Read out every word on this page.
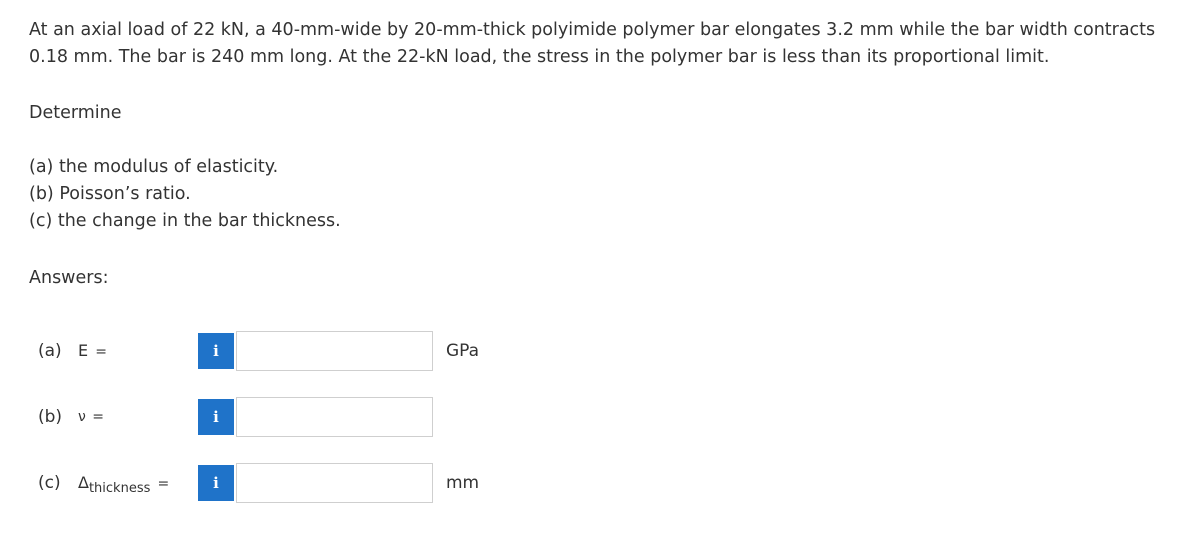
At an axial load of 22 kN, a 40-mm-wide by 20-mm-thick polyimide polymer bar elongates 3.2 mm while the bar width contracts 0.18 mm. The bar is 240 mm long. At the 22-kN load, the stress in the polymer bar is less than its proportional limit.

Determine

(a) the modulus of elasticity.
(b) Poisson’s ratio.
(c) the change in the bar thickness.

Answers:

(a) E =	i	GPa
(b) ν =	i
(c) $\Delta_{thickness}$ =	i	mm
